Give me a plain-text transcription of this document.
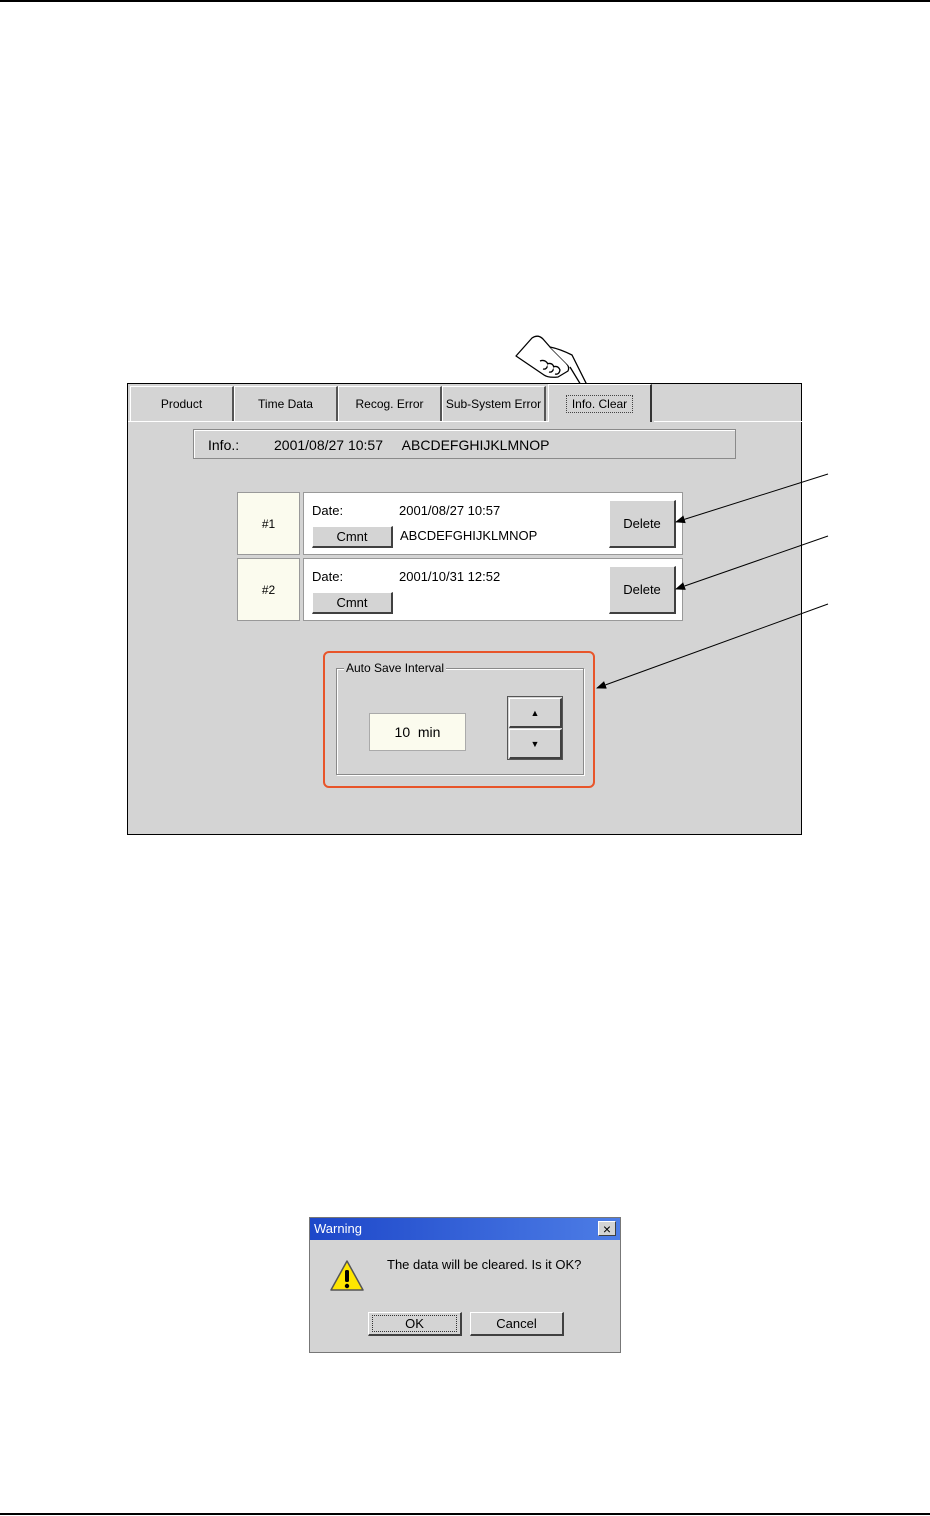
Product	Time Data	Recog. Error Sub-System Error	Info. Clear
Info.: 2001/08/27 10:57     ABCDEFGHIJKLMNOP
#1
Date:	2001/08/27 10:57
Cmnt ABCDEFGHIJKLMNOP
Delete
#2
Date:	2001/10/31 12:52
Cmnt
Delete
Auto Save Interval
10  min
▲
▼
Warning	×
The data will be cleared. Is it OK?
OK	Cancel
